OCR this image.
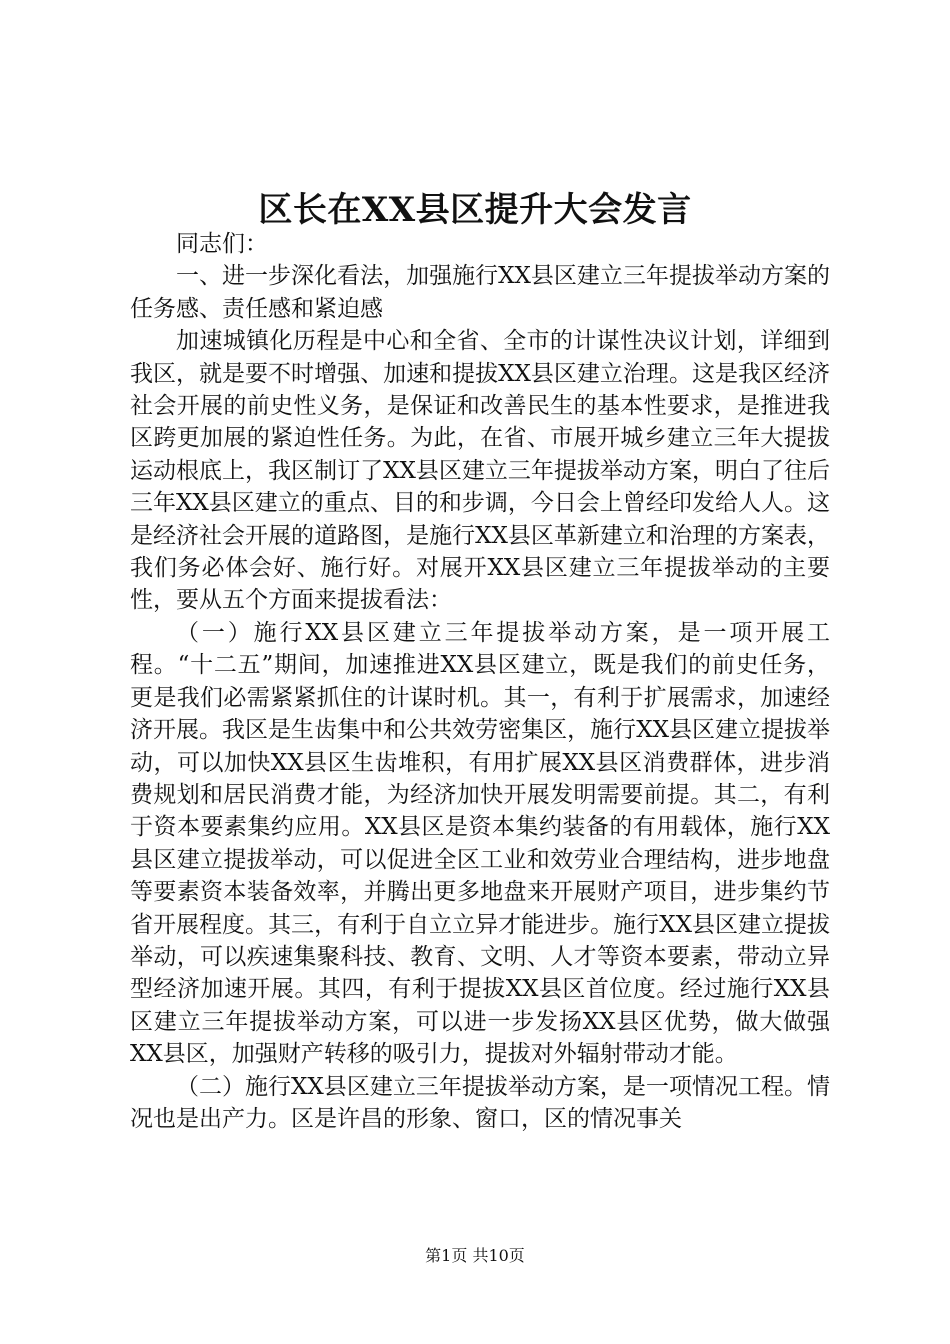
区长在XX县区提升大会发言

同志们：

一、进一步深化看法，加强施行XX县区建立三年提拔举动方案的任务感、责任感和紧迫感

加速城镇化历程是中心和全省、全市的计谋性决议计划，详细到我区，就是要不时增强、加速和提拔XX县区建立治理。这是我区经济社会开展的前史性义务，是保证和改善民生的基本性要求，是推进我区跨更加展的紧迫性任务。为此，在省、市展开城乡建立三年大提拔运动根底上，我区制订了XX县区建立三年提拔举动方案，明白了往后三年XX县区建立的重点、目的和步调，今日会上曾经印发给人人。这是经济社会开展的道路图，是施行XX县区革新建立和治理的方案表，我们务必体会好、施行好。对展开XX县区建立三年提拔举动的主要性，要从五个方面来提拔看法：

（一）施行XX县区建立三年提拔举动方案，是一项开展工程。“十二五”期间，加速推进XX县区建立，既是我们的前史任务，更是我们必需紧紧抓住的计谋时机。其一，有利于扩展需求，加速经济开展。我区是生齿集中和公共效劳密集区，施行XX县区建立提拔举动，可以加快XX县区生齿堆积，有用扩展XX县区消费群体，进步消费规划和居民消费才能，为经济加快开展发明需要前提。其二，有利于资本要素集约应用。XX县区是资本集约装备的有用载体，施行XX县区建立提拔举动，可以促进全区工业和效劳业合理结构，进步地盘等要素资本装备效率，并腾出更多地盘来开展财产项目，进步集约节省开展程度。其三，有利于自立立异才能进步。施行XX县区建立提拔举动，可以疾速集聚科技、教育、文明、人才等资本要素，带动立异型经济加速开展。其四，有利于提拔XX县区首位度。经过施行XX县区建立三年提拔举动方案，可以进一步发扬XX县区优势，做大做强XX县区，加强财产转移的吸引力，提拔对外辐射带动才能。

（二）施行XX县区建立三年提拔举动方案，是一项情况工程。情况也是出产力。区是许昌的形象、窗口，区的情况事关

第1页 共10页
